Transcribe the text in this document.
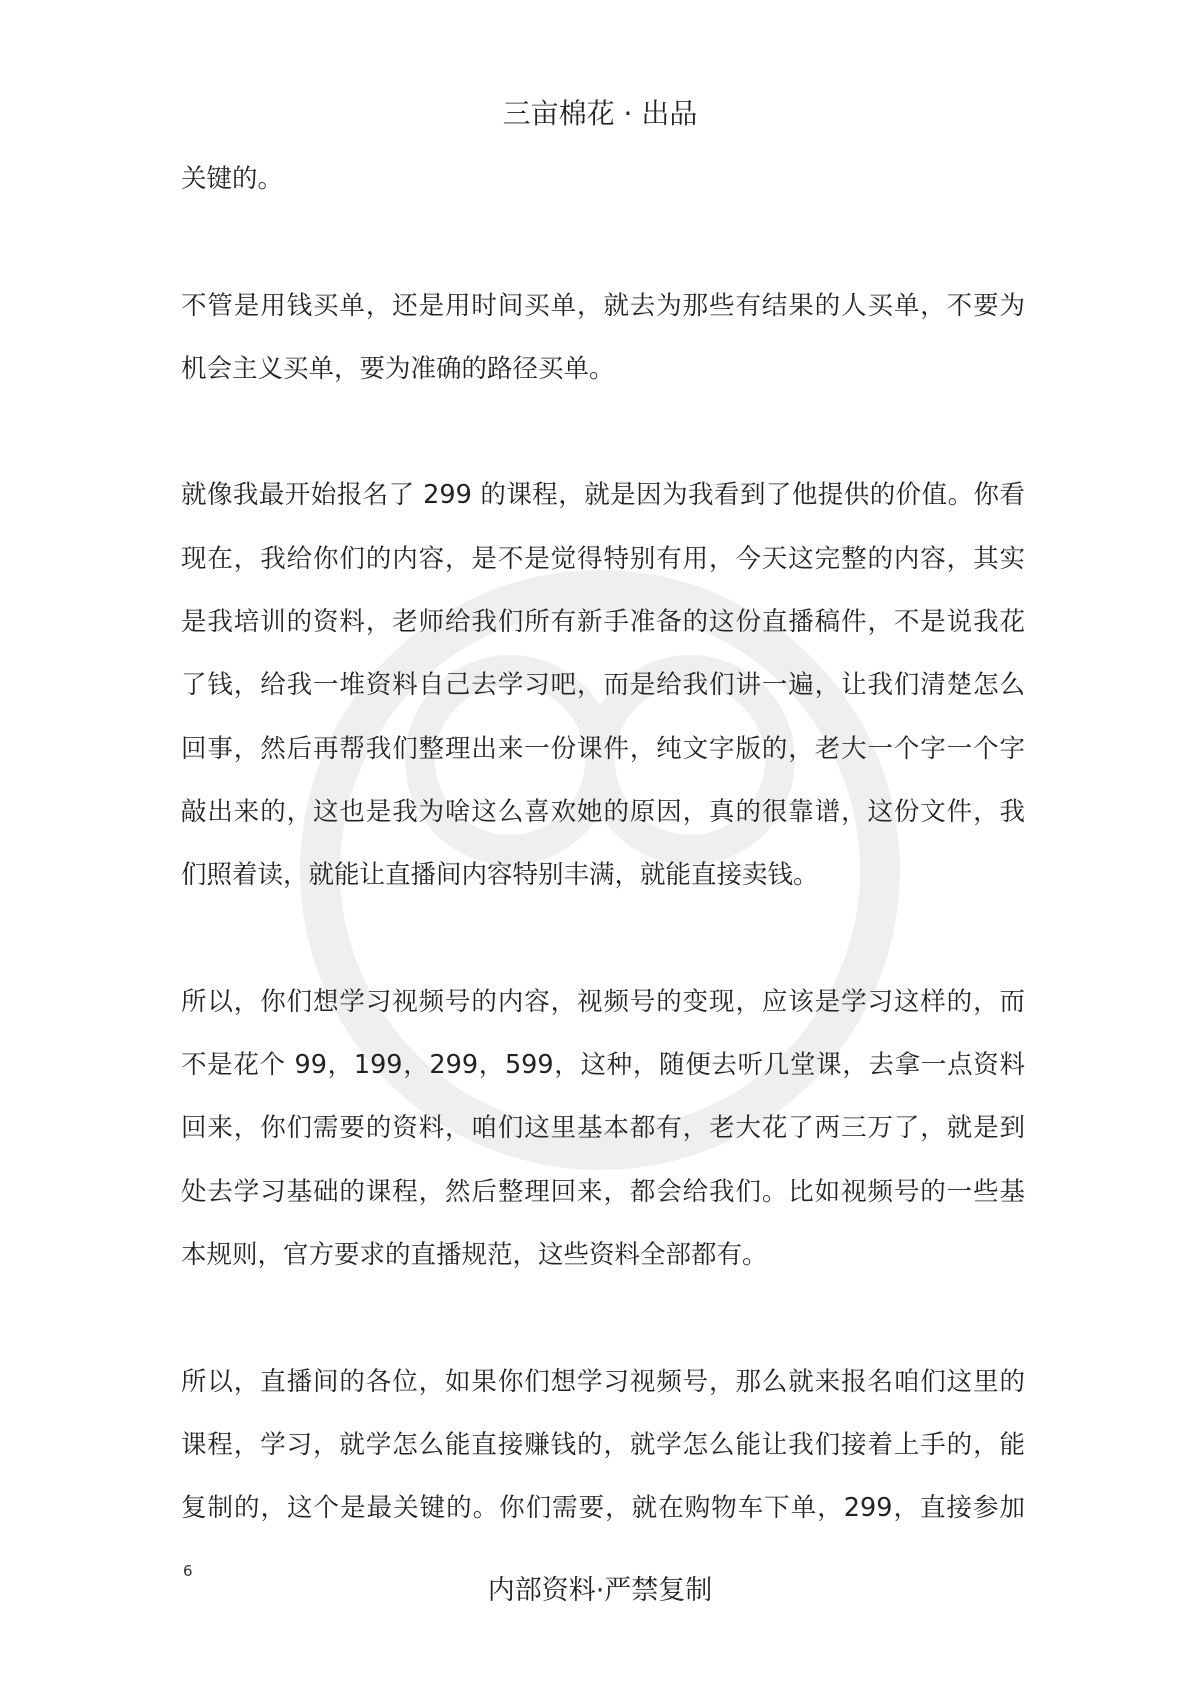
三亩棉花 · 出品
关键的。
不管是用钱买单，还是用时间买单，就去为那些有结果的人买单，不要为
机会主义买单，要为准确的路径买单。
就像我最开始报名了 299 的课程，就是因为我看到了他提供的价值。你看
现在，我给你们的内容，是不是觉得特别有用，今天这完整的内容，其实
是我培训的资料，老师给我们所有新手准备的这份直播稿件，不是说我花
了钱，给我一堆资料自己去学习吧，而是给我们讲一遍，让我们清楚怎么
回事，然后再帮我们整理出来一份课件，纯文字版的，老大一个字一个字
敲出来的，这也是我为啥这么喜欢她的原因，真的很靠谱，这份文件，我
们照着读，就能让直播间内容特别丰满，就能直接卖钱。
所以，你们想学习视频号的内容，视频号的变现，应该是学习这样的，而
不是花个 99，199，299，599，这种，随便去听几堂课，去拿一点资料
回来，你们需要的资料，咱们这里基本都有，老大花了两三万了，就是到
处去学习基础的课程，然后整理回来，都会给我们。比如视频号的一些基
本规则，官方要求的直播规范，这些资料全部都有。
所以，直播间的各位，如果你们想学习视频号，那么就来报名咱们这里的
课程，学习，就学怎么能直接赚钱的，就学怎么能让我们接着上手的，能
复制的，这个是最关键的。你们需要，就在购物车下单，299，直接参加
6
内部资料·严禁复制
